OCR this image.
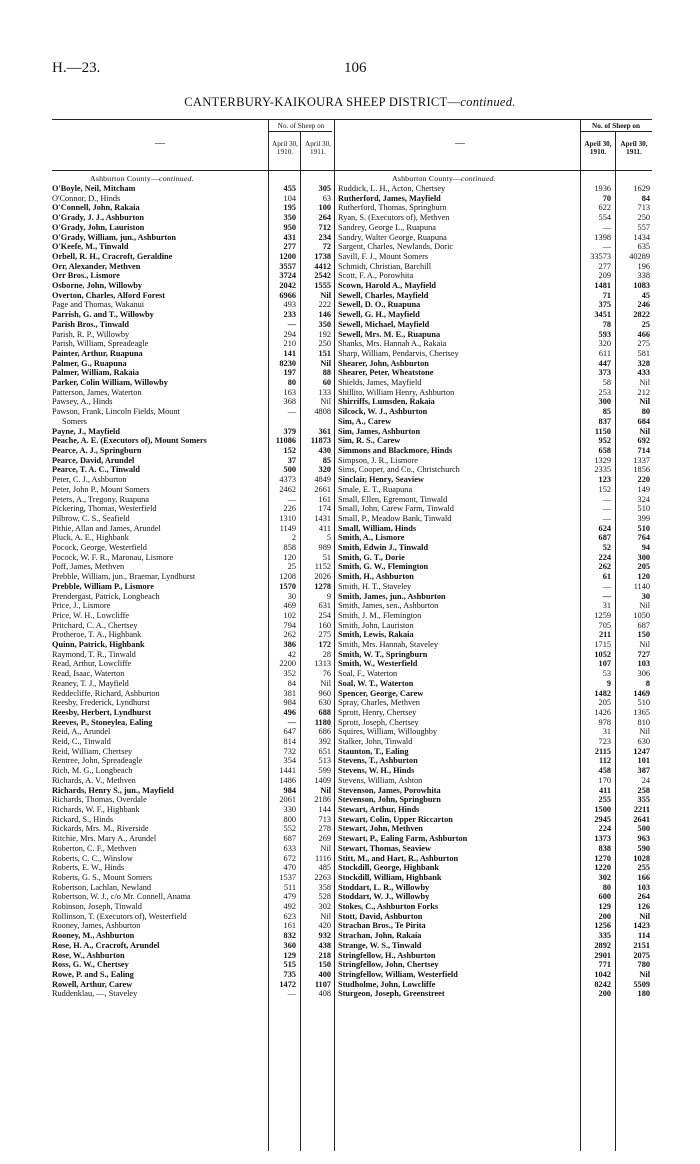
H.—23.	106
CANTERBURY-KAIKOURA SHEEP DISTRICT—continued.
—
No. of Sheep on
April 30, 1910.
April 30, 1911.
—
No. of Sheep on
April 30, 1910.
April 30, 1911.
Ashburton County—continued.	Ashburton County—continued.
O'Boyle, Neil, Mitcham	455	305
O'Connor, D., Hinds	104	63
O'Connell, John, Rakaia	195	100
O'Grady, J. J., Ashburton	350	264
O'Grady, John, Lauriston	950	712
O'Grady, William, jun., Ashburton	431	234
O'Keefe, M., Tinwald	277	72
Orbell, R. H., Cracroft, Geraldine	1200	1738
Orr, Alexander, Methven	3557	4412
Orr Bros., Lismore	3724	2542
Osborne, John, Willowby	2042	1555
Overton, Charles, Alford Forest	6966	Nil
Page and Thomas, Wakanui	493	222
Parrish, G. and T., Willowby	233	146
Parish Bros., Tinwald	—	350
Parish, R. P., Willowby	294	192
Parish, William, Spreadeagle	210	250
Painter, Arthur, Ruapuna	141	151
Palmer, G., Ruapuna	8230	Nil
Palmer, William, Rakaia	197	88
Parker, Colin William, Willowby	80	60
Patterson, James, Waterton	163	133
Pawsey, A., Hinds	368	Nil
Pawson, Frank, Lincoln Fields, Mount	—	4808
Somers
Payne, J., Mayfield	379	361
Peache, A. E. (Executors of), Mount Somers	11086	11873
Pearce, A. J., Springburn	152	430
Pearce, David, Arundel	37	85
Pearce, T. A. C., Tinwald	500	320
Peter, C. J., Ashburton	4373	4849
Peter, John P., Mount Somers	2462	2661
Peters, A., Tregony, Ruapuna	—	161
Pickering, Thomas, Westerfield	226	174
Pilbrow, C. S., Seafield	1310	1431
Pithie, Allan and James, Arundel	1149	411
Pluck, A. E., Highbank	2	5
Pocock, George, Westerfield	858	989
Pocock, W. F. R., Maronau, Lismore	120	51
Poff, James, Methven	25	1152
Prebble, William, jun., Braemar, Lyndhurst	1208	2026
Prebble, William P., Lismore	1570	1278
Prendergast, Patrick, Longbeach	30	9
Price, J., Lismore	469	631
Price, W. H., Lowcliffe	102	254
Pritchard, C. A., Chertsey	794	160
Protheroe, T. A., Highbank	262	275
Quinn, Patrick, Highbank	386	172
Raymond, T. R., Tinwald	42	28
Read, Arthur, Lowcliffe	2200	1313
Read, Isaac, Waterton	352	76
Reaney, T. J., Mayfield	84	Nil
Reddecliffe, Richard, Ashburton	381	960
Reesby, Frederick, Lyndhurst	984	630
Reesby, Herbert, Lyndhurst	496	688
Reeves, P., Stoneylea, Ealing	—	1180
Reid, A., Arundel	647	686
Reid, C., Tinwald	814	392
Reid, William, Chertsey	732	651
Rentree, John, Spreadeagle	354	513
Rich, M. G., Longbeach	1441	599
Richards, A. V., Methven	1486	1409
Richards, Henry S., jun., Mayfield	984	Nil
Richards, Thomas, Overdale	2061	2186
Richards, W. F., Highbank	330	144
Rickard, S., Hinds	800	713
Rickards, Mrs. M., Riverside	552	278
Ritchie, Mrs. Mary A., Arundel	687	269
Roberton, C. F., Methven	633	Nil
Roberts, C. C., Winslow	672	1116
Roberts, E. W., Hinds	470	485
Roberts, G. S., Mount Somers	1537	2263
Robertson, Lachlan, Newland	511	358
Robertson, W. J., c/o Mr. Connell, Anama	479	528
Robinson, Joseph, Tinwald	492	302
Rollinson, T. (Executors of), Westerfield	623	Nil
Rooney, James, Ashburton	161	420
Rooney, M., Ashburton	832	932
Rose, H. A., Cracroft, Arundel	360	438
Rose, W., Ashburton	129	218
Ross, G. W., Chertsey	515	150
Rowe, P. and S., Ealing	735	400
Rowell, Arthur, Carew	1472	1107
Ruddenklau, —, Staveley	—	408
Ruddick, L. H., Acton, Chertsey	1936	1629
Rutherford, James, Mayfield	70	84
Rutherford, Thomas, Springburn	622	713
Ryan, S. (Executors of), Methven	554	250
Sandrey, George L., Ruapuna	—	557
Sandry, Walter George, Ruapuna	1398	1434
Sargent, Charles, Newlands, Doric	—	635
Savill, F. J., Mount Somers	33573	40289
Schmidt, Christian, Barchill	277	196
Scott, F. A., Porowhita	209	338
Scown, Harold A., Mayfield	1481	1083
Sewell, Charles, Mayfield	71	45
Sewell, D. O., Ruapuna	375	246
Sewell, G. H., Mayfield	3451	2822
Sewell, Michael, Mayfield	78	25
Sewell, Mrs. M. E., Ruapuna	593	466
Shanks, Mrs. Hannah A., Rakaia	320	275
Sharp, William, Pendarvis, Chertsey	611	581
Shearer, John, Ashburton	447	328
Shearer, Peter, Wheatstone	373	433
Shields, James, Mayfield	58	Nil
Shillito, William Henry, Ashburton	253	212
Shirriffs, Lumsden, Rakaia	300	Nil
Silcock, W. J., Ashburton	85	80
Sim, A., Carew	837	684
Sim, James, Ashburton	1150	Nil
Sim, R. S., Carew	952	692
Simmons and Blackmore, Hinds	658	714
Simpson, J. R., Lismore	1329	1337
Sims, Cooper, and Co., Christchurch	2335	1856
Sinclair, Henry, Seaview	123	220
Smale, E. T., Ruapuna	152	149
Small, Ellen, Egremont, Tinwald	—	324
Small, John, Carew Farm, Tinwald	—	510
Small, P., Meadow Bank, Tinwald	—	399
Small, William, Hinds	624	510
Smith, A., Lismore	687	764
Smith, Edwin J., Tinwald	52	94
Smith, G. T., Dorie	224	300
Smith, G. W., Flemington	262	205
Smith, H., Ashburton	61	120
Smith, H. T., Staveley	—	1140
Smith, James, jun., Ashburton	—	30
Smith, James, sen., Ashburton	31	Nil
Smith, J. M., Flemington	1259	1050
Smith, John, Lauriston	705	687
Smith, Lewis, Rakaia	211	150
Smith, Mrs. Hannah, Staveley	1715	Nil
Smith, W. T., Springburn	1052	727
Smith, W., Westerfield	107	103
Soal, F., Waterton	53	306
Soal, W. T., Waterton	9	8
Spencer, George, Carew	1482	1469
Spray, Charles, Methven	205	510
Sprott, Henry, Chertsey	1426	1365
Sprott, Joseph, Chertsey	978	810
Squires, William, Willoughby	31	Nil
Stalker, John, Tinwald	723	630
Staunton, T., Ealing	2115	1247
Stevens, T., Ashburton	112	101
Stevens, W. H., Hinds	458	387
Stevens, William, Ashton	170	24
Stevenson, James, Porowhita	411	258
Stevenson, John, Springburn	255	355
Stewart, Arthur, Hinds	1500	2211
Stewart, Colin, Upper Riccarton	2945	2641
Stewart, John, Methven	224	500
Stewart, P., Ealing Farm, Ashburton	1373	963
Stewart, Thomas, Seaview	838	590
Stitt, M., and Hart, R., Ashburton	1270	1028
Stockdill, George, Highbank	1220	255
Stockdill, William, Highbank	302	166
Stoddart, L. R., Willowby	80	103
Stoddart, W. J., Willowby	600	264
Stokes, C., Ashburton Forks	129	126
Stott, David, Ashburton	200	Nil
Strachan Bros., Te Pirita	1256	1423
Strachan, John, Rakaia	335	114
Strange, W. S., Tinwald	2892	2151
Stringfellow, H., Ashburton	2901	2075
Stringfellow, John, Chertsey	771	780
Stringfellow, William, Westerfield	1042	Nil
Studholme, John, Lowcliffe	8242	5509
Sturgeon, Joseph, Greenstreet	200	180
